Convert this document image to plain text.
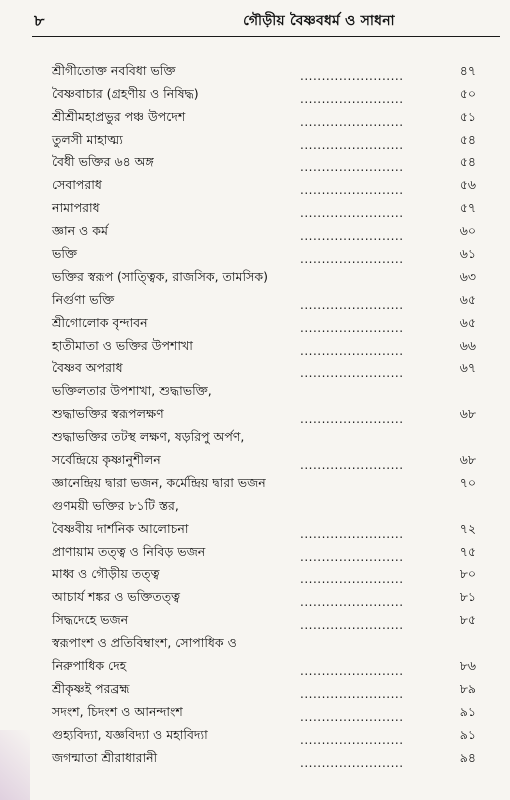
৮	গৌড়ীয় বৈষ্ণবধর্ম ও সাধনা
শ্রীগীতোক্ত নববিধা ভক্তি	........................	৪৭
বৈষ্ণবাচার (গ্রহণীয় ও নিষিদ্ধ)	........................	৫০
শ্রীশ্রীমহাপ্রভুর পঞ্চ উপদেশ	........................	৫১
তুলসী মাহাত্ম্য	........................	৫৪
বৈধী ভক্তির ৬৪ অঙ্গ	........................	৫৪
সেবাপরাধ	........................	৫৬
নামাপরাধ	........................	৫৭
জ্ঞান ও কর্ম	........................	৬০
ভক্তি	........................	৬১
ভক্তির স্বরূপ (সাত্ত্বিক, রাজসিক, তামসিক)	৬৩
নির্গুণা ভক্তি	........................	৬৫
শ্রীগোলোক বৃন্দাবন	........................	৬৫
হাতীমাতা ও ভক্তির উপশাখা	........................	৬৬
বৈষ্ণব অপরাধ	........................	৬৭
ভক্তিলতার উপশাখা, শুদ্ধাভক্তি,
শুদ্ধাভক্তির স্বরূপলক্ষণ	........................	৬৮
শুদ্ধাভক্তির তটস্থ লক্ষণ, ষড়রিপু অর্পণ,
সর্বেন্দ্রিয়ে কৃষ্ণানুশীলন	........................	৬৮
জ্ঞানেন্দ্রিয় দ্বারা ভজন, কর্মেন্দ্রিয় দ্বারা ভজন	৭০
গুণময়ী ভক্তির ৮১টি স্তর,
বৈষ্ণবীয় দার্শনিক আলোচনা	........................	৭২
প্রাণায়াম তত্ত্ব ও নিবিড় ভজন	........................	৭৫
মাধ্ব ও গৌড়ীয় তত্ত্ব	........................	৮০
আচার্য শঙ্কর ও ভক্তিতত্ত্ব	........................	৮১
সিদ্ধদেহে ভজন	........................	৮৫
স্বরূপাংশ ও প্রতিবিম্বাংশ, সোপাধিক ও
নিরুপাধিক দেহ	........................	৮৬
শ্রীকৃষ্ণই পরব্রহ্ম	........................	৮৯
সদংশ, চিদংশ ও আনন্দাংশ	........................	৯১
গুহ্যবিদ্যা, যজ্ঞবিদ্যা ও মহাবিদ্যা	........................	৯১
জগন্মাতা শ্রীরাধারানী	........................	৯৪
